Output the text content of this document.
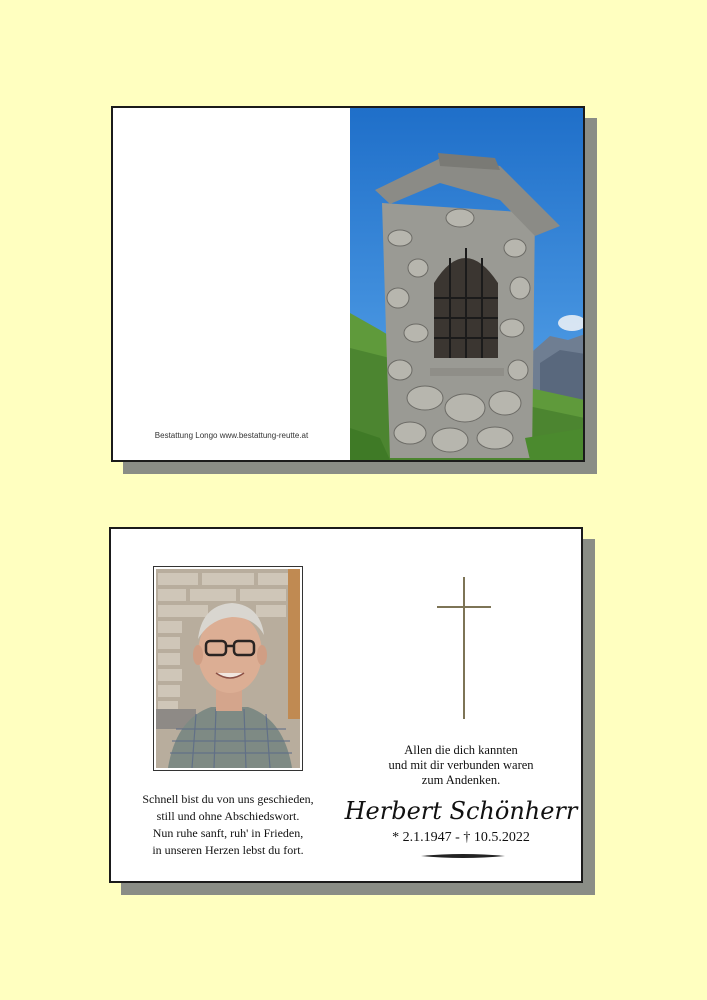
Bestattung Longo www.bestattung-reutte.at
Schnell bist du von uns geschieden,
still und ohne Abschiedswort.
Nun ruhe sanft, ruh' in Frieden,
in unseren Herzen lebst du fort.
Allen die dich kannten
und mit dir verbunden waren
zum Andenken.
Herbert Schönherr
* 2.1.1947 - † 10.5.2022
